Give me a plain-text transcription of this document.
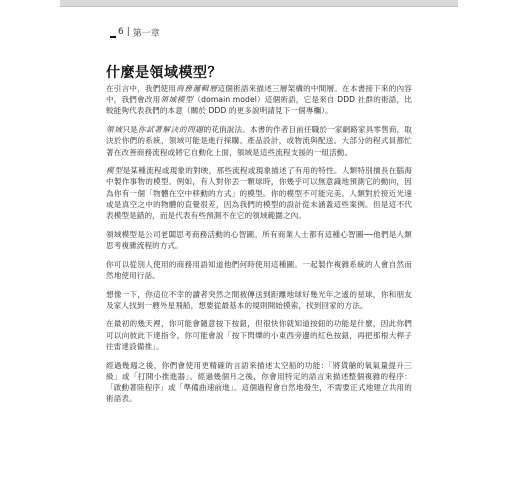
6 | 第一章
什麼是領域模型？

在引言中，我們使用商務邏輯層這個術語來描述三層架構的中間層。在本書接下來的內容中，我們會改用領域模型（domain model）這個術語，它是來自 DDD 社群的術語，比較能夠代表我們的本意（關於 DDD 的更多說明請見下一個專欄）。

領域只是你試著解決的問題的花俏說法。本書的作者目前任職於一家網路家具零售商，取決於你們的系統，領域可能是進行採購、產品設計，或物流與配送。大部分的程式員都忙著在改善商務流程或將它自動化上面，領域是這些流程支援的一組活動。

模型是某種流程或現象的對映，那些流程或現象描述了有用的特性。人類特別擅長在腦海中製作事物的模型。例如，有人對你丟一顆球時，你幾乎可以無意識地預測它的動向，因為你有一個「物體在空中移動的方式」的模型。你的模型不可能完美。人類對於接近光速或是真空之中的物體的直覺很差，因為我們的模型的設計從未涵蓋這些案例。但是這不代表模型是錯的，而是代表有些預測不在它的領域範圍之內。

領域模型是公司老闆思考商務活動的心智圖。所有商業人士都有這種心智圖──他們是人類思考複雜流程的方式。

你可以從別人使用的商務用語知道他們何時使用這種圖。一起製作複雜系統的人會自然而然地使用行話。

想像一下，你這位不幸的讀者突然之間被傳送到距離地球好幾光年之遙的星球，你和朋友及家人找到一艘外星飛船，想要從最基本的規則開始摸索，找到回家的方法。

在最初的幾天裡，你可能會隨意按下按鈕，但很快你就知道按鈕的功能是什麼，因此你們可以向彼此下達指令。你可能會說「按下閃爍的小東西旁邊的紅色按鈕，再把那根大桿子往雷達設備推」。

經過幾週之後，你們會使用更精確的言語來描述太空船的功能：「將貨艙的氧氣量提升三級」或「打開小推進器」。經過幾個月之後，你會用特定的語言來描述整個複雜的程序：「啟動著陸程序」或「準備曲速前進」。這個過程會自然地發生，不需要正式地建立共用的術語表。
